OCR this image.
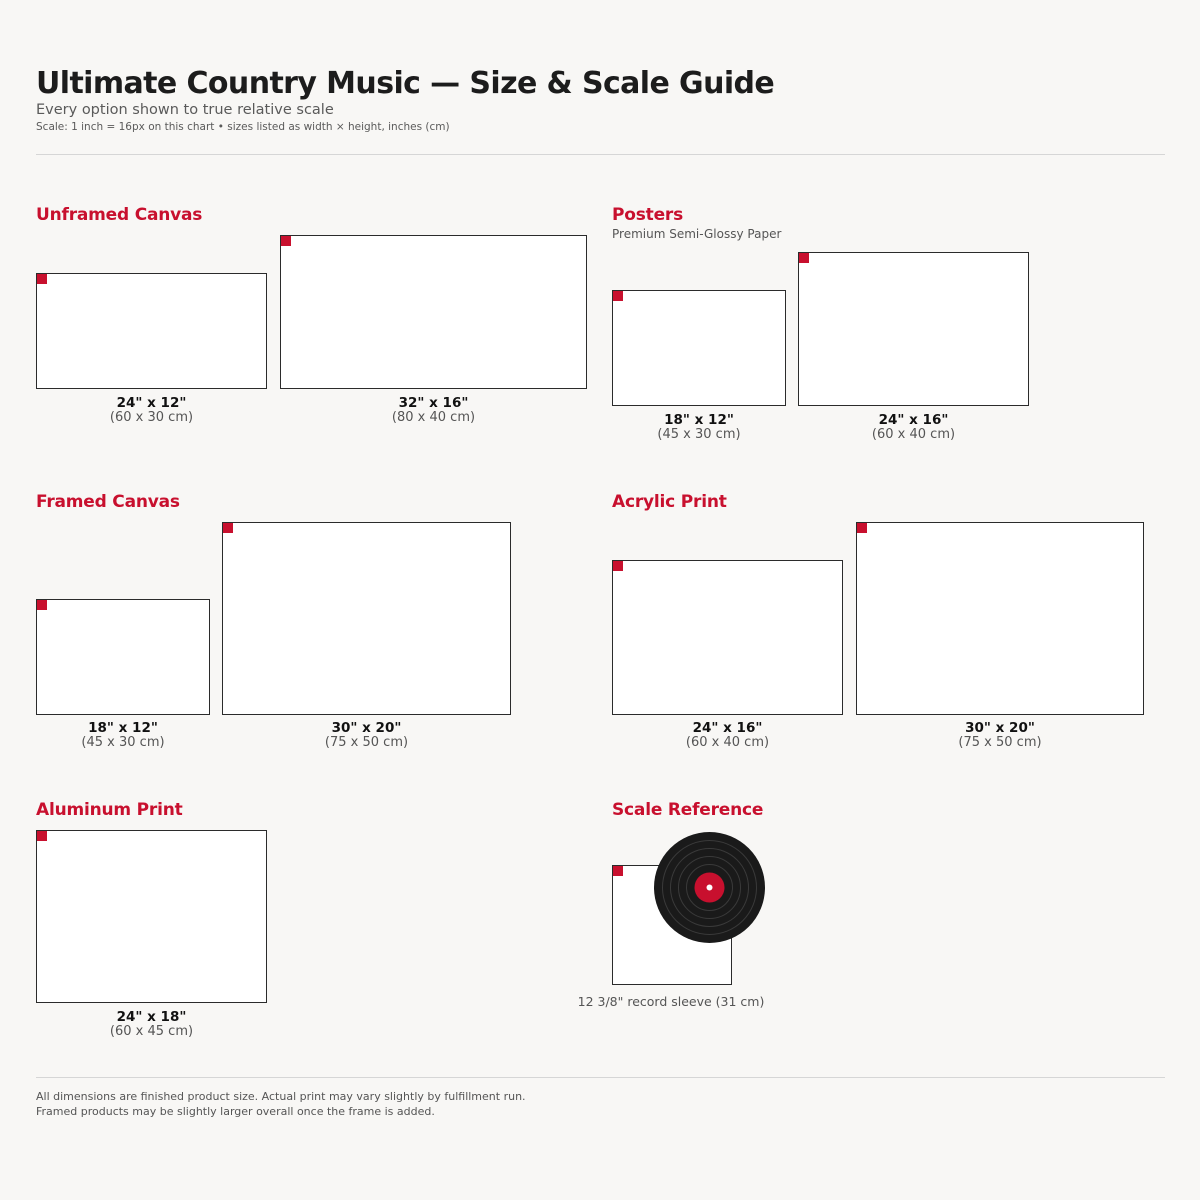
Ultimate Country Music — Size & Scale Guide
Every option shown to true relative scale
Scale: 1 inch = 16px on this chart • sizes listed as width × height, inches (cm)
Unframed Canvas
24" x 12"
(60 x 30 cm)
32" x 16"
(80 x 40 cm)
Posters
Premium Semi-Glossy Paper
18" x 12"
(45 x 30 cm)
24" x 16"
(60 x 40 cm)
Framed Canvas
18" x 12"
(45 x 30 cm)
30" x 20"
(75 x 50 cm)
Acrylic Print
24" x 16"
(60 x 40 cm)
30" x 20"
(75 x 50 cm)
Aluminum Print
24" x 18"
(60 x 45 cm)
Scale Reference
12 3/8" record sleeve (31 cm)
All dimensions are finished product size. Actual print may vary slightly by fulfillment run.
Framed products may be slightly larger overall once the frame is added.
